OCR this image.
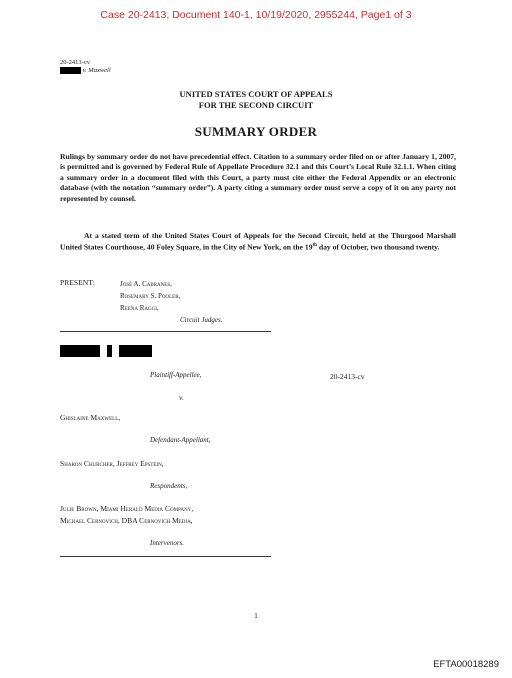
Case 20-2413, Document 140-1, 10/19/2020, 2955244, Page1 of 3
20-2413-cv
v. Maxwell
UNITED STATES COURT OF APPEALS
FOR THE SECOND CIRCUIT
SUMMARY ORDER
Rulings by summary order do not have precedential effect. Citation to a summary order filed on or after January 1, 2007, is permitted and is governed by Federal Rule of Appellate Procedure 32.1 and this Court’s Local Rule 32.1.1. When citing a summary order in a document filed with this Court, a party must cite either the Federal Appendix or an electronic database (with the notation “summary order”). A party citing a summary order must serve a copy of it on any party not represented by counsel.
At a stated term of the United States Court of Appeals for the Second Circuit, held at the Thurgood Marshall United States Courthouse, 40 Foley Square, in the City of New York, on the 19th day of October, two thousand twenty.
PRESENT:	José A. Cabranes,
Rosemary S. Pooler,
Reena Raggi,
Circuit Judges.

Plaintiff-Appellee,	20-2413-cv
v.
Ghislaine Maxwell,
Defendant-Appellant,
Sharon Churcher, Jeffrey Epstein,
Respondents,
Julie Brown, Miami Herald Media Company,
Michael Cernovich, DBA Cernovich Media,
Intervenors.
1
EFTA00018289
